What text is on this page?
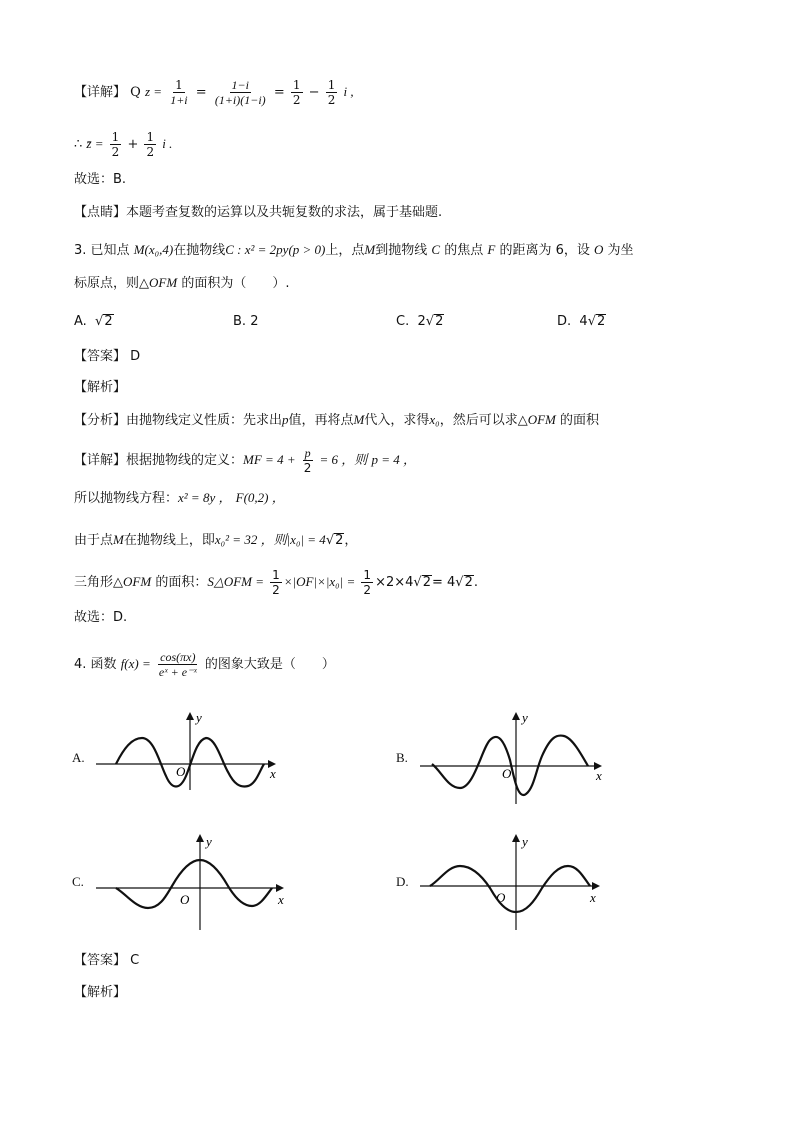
【详解】 Q $z = \frac{1}{1+i} = \frac{1-i}{(1+i)(1-i)} = \frac{1}{2} - \frac{1}{2}$ i ,
∴ z̄ = $\frac{1}{2} + \frac{1}{2}$ i .
故选：B.
【点睛】本题考查复数的运算以及共轭复数的求法，属于基础题.
3. 已知点 M(x₀,4)在抛物线C : x² = 2py(p > 0)上，点M到抛物线 C 的焦点 F 的距离为 6，设 O 为坐
标原点，则△OFM 的面积为（　　）.
A.  √2	B. 2	C. 2√2	D. 4√2
【答案】 D
【解析】
【分析】由抛物线定义性质：先求出p值，再将点M代入，求得x₀，然后可以求△OFM 的面积
【详解】根据抛物线的定义：MF = $4 + \frac{p}{2} = 6$ ，则 p = 4 ，
所以抛物线方程：x² = 8y ， F(0,2) ，
由于点M在抛物线上，即x₀² = 32 ，则|x₀| = 4√2，
三角形△OFM 的面积：S△OFM = $\frac{1}{2} \times|OF|\times|x_0| = \frac{1}{2} \times 2\times 4√2= 4√2$.
故选：D.
4. 函数 $f(x) = \frac{\cos(\pi x)}{\text{eˣ + e⁻ˣ}}$ 的图象大致是（　　）
A.
y
x
O
B.
y
x
O
C.
y
x
O
D.
y
x
O
【答案】 C
【解析】
